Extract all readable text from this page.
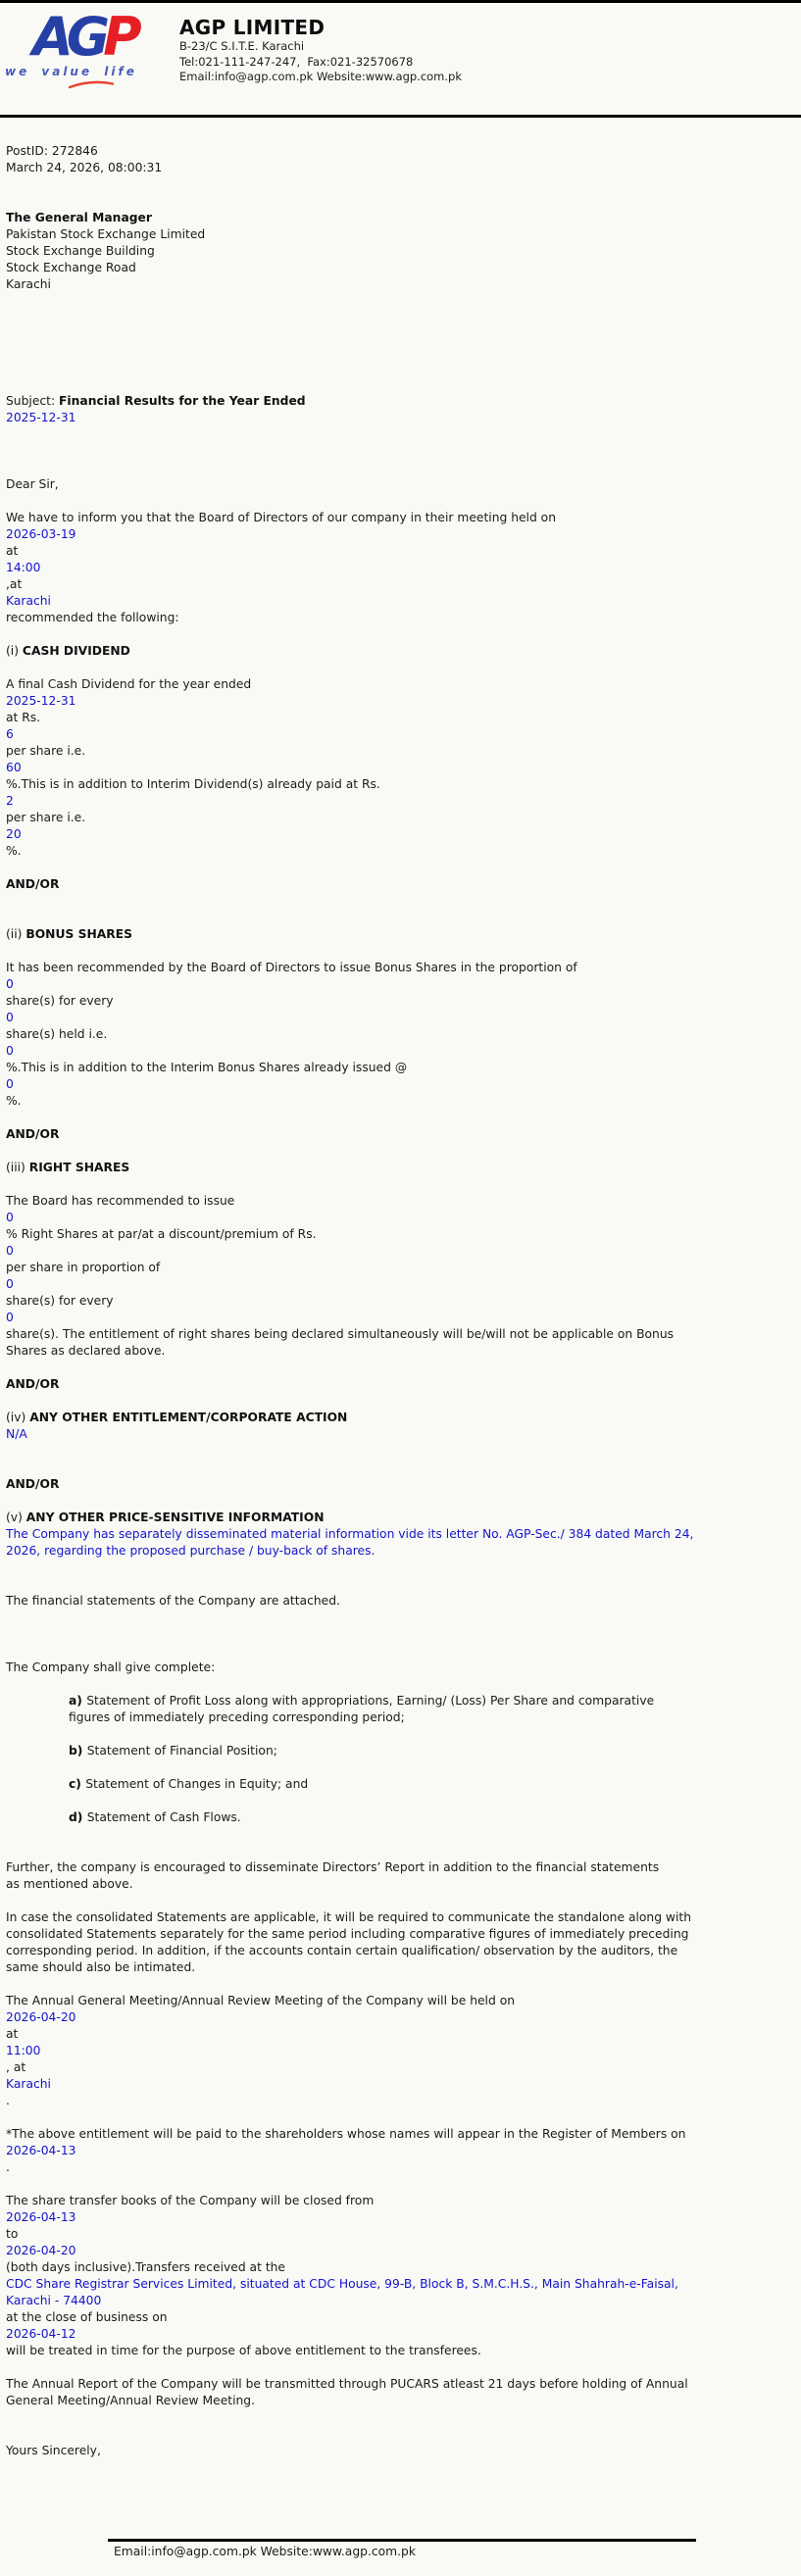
AGP
we value life
AGP LIMITED
B-23/C S.I.T.E. Karachi
Tel:021-111-247-247,  Fax:021-32570678
Email:info@agp.com.pk Website:www.agp.com.pk
PostID: 272846
March 24, 2026, 08:00:31
The General Manager
Pakistan Stock Exchange Limited
Stock Exchange Building
Stock Exchange Road
Karachi
Subject: Financial Results for the Year Ended
2025-12-31
Dear Sir,
We have to inform you that the Board of Directors of our company in their meeting held on
2026-03-19
at
14:00
,at
Karachi
recommended the following:
(i) CASH DIVIDEND
A final Cash Dividend for the year ended
2025-12-31
at Rs.
6
per share i.e.
60
%.This is in addition to Interim Dividend(s) already paid at Rs.
2
per share i.e.
20
%.
AND/OR
(ii) BONUS SHARES
It has been recommended by the Board of Directors to issue Bonus Shares in the proportion of
0
share(s) for every
0
share(s) held i.e.
0
%.This is in addition to the Interim Bonus Shares already issued @
0
%.
AND/OR
(iii) RIGHT SHARES
The Board has recommended to issue
0
% Right Shares at par/at a discount/premium of Rs.
0
per share in proportion of
0
share(s) for every
0
share(s). The entitlement of right shares being declared simultaneously will be/will not be applicable on Bonus
Shares as declared above.
AND/OR
(iv) ANY OTHER ENTITLEMENT/CORPORATE ACTION
N/A
AND/OR
(v) ANY OTHER PRICE-SENSITIVE INFORMATION
The Company has separately disseminated material information vide its letter No. AGP-Sec./ 384 dated March 24,
2026, regarding the proposed purchase / buy-back of shares.
The financial statements of the Company are attached.
The Company shall give complete:
a) Statement of Profit Loss along with appropriations, Earning/ (Loss) Per Share and comparative
figures of immediately preceding corresponding period;
b) Statement of Financial Position;
c) Statement of Changes in Equity; and
d) Statement of Cash Flows.
Further, the company is encouraged to disseminate Directors’ Report in addition to the financial statements
as mentioned above.
In case the consolidated Statements are applicable, it will be required to communicate the standalone along with
consolidated Statements separately for the same period including comparative figures of immediately preceding
corresponding period. In addition, if the accounts contain certain qualification/ observation by the auditors, the
same should also be intimated.
The Annual General Meeting/Annual Review Meeting of the Company will be held on
2026-04-20
at
11:00
, at
Karachi
.
*The above entitlement will be paid to the shareholders whose names will appear in the Register of Members on
2026-04-13
.
The share transfer books of the Company will be closed from
2026-04-13
to
2026-04-20
(both days inclusive).Transfers received at the
CDC Share Registrar Services Limited, situated at CDC House, 99-B, Block B, S.M.C.H.S., Main Shahrah-e-Faisal,
Karachi - 74400
at the close of business on
2026-04-12
will be treated in time for the purpose of above entitlement to the transferees.
The Annual Report of the Company will be transmitted through PUCARS atleast 21 days before holding of Annual
General Meeting/Annual Review Meeting.
Yours Sincerely,
Email:info@agp.com.pk Website:www.agp.com.pk
